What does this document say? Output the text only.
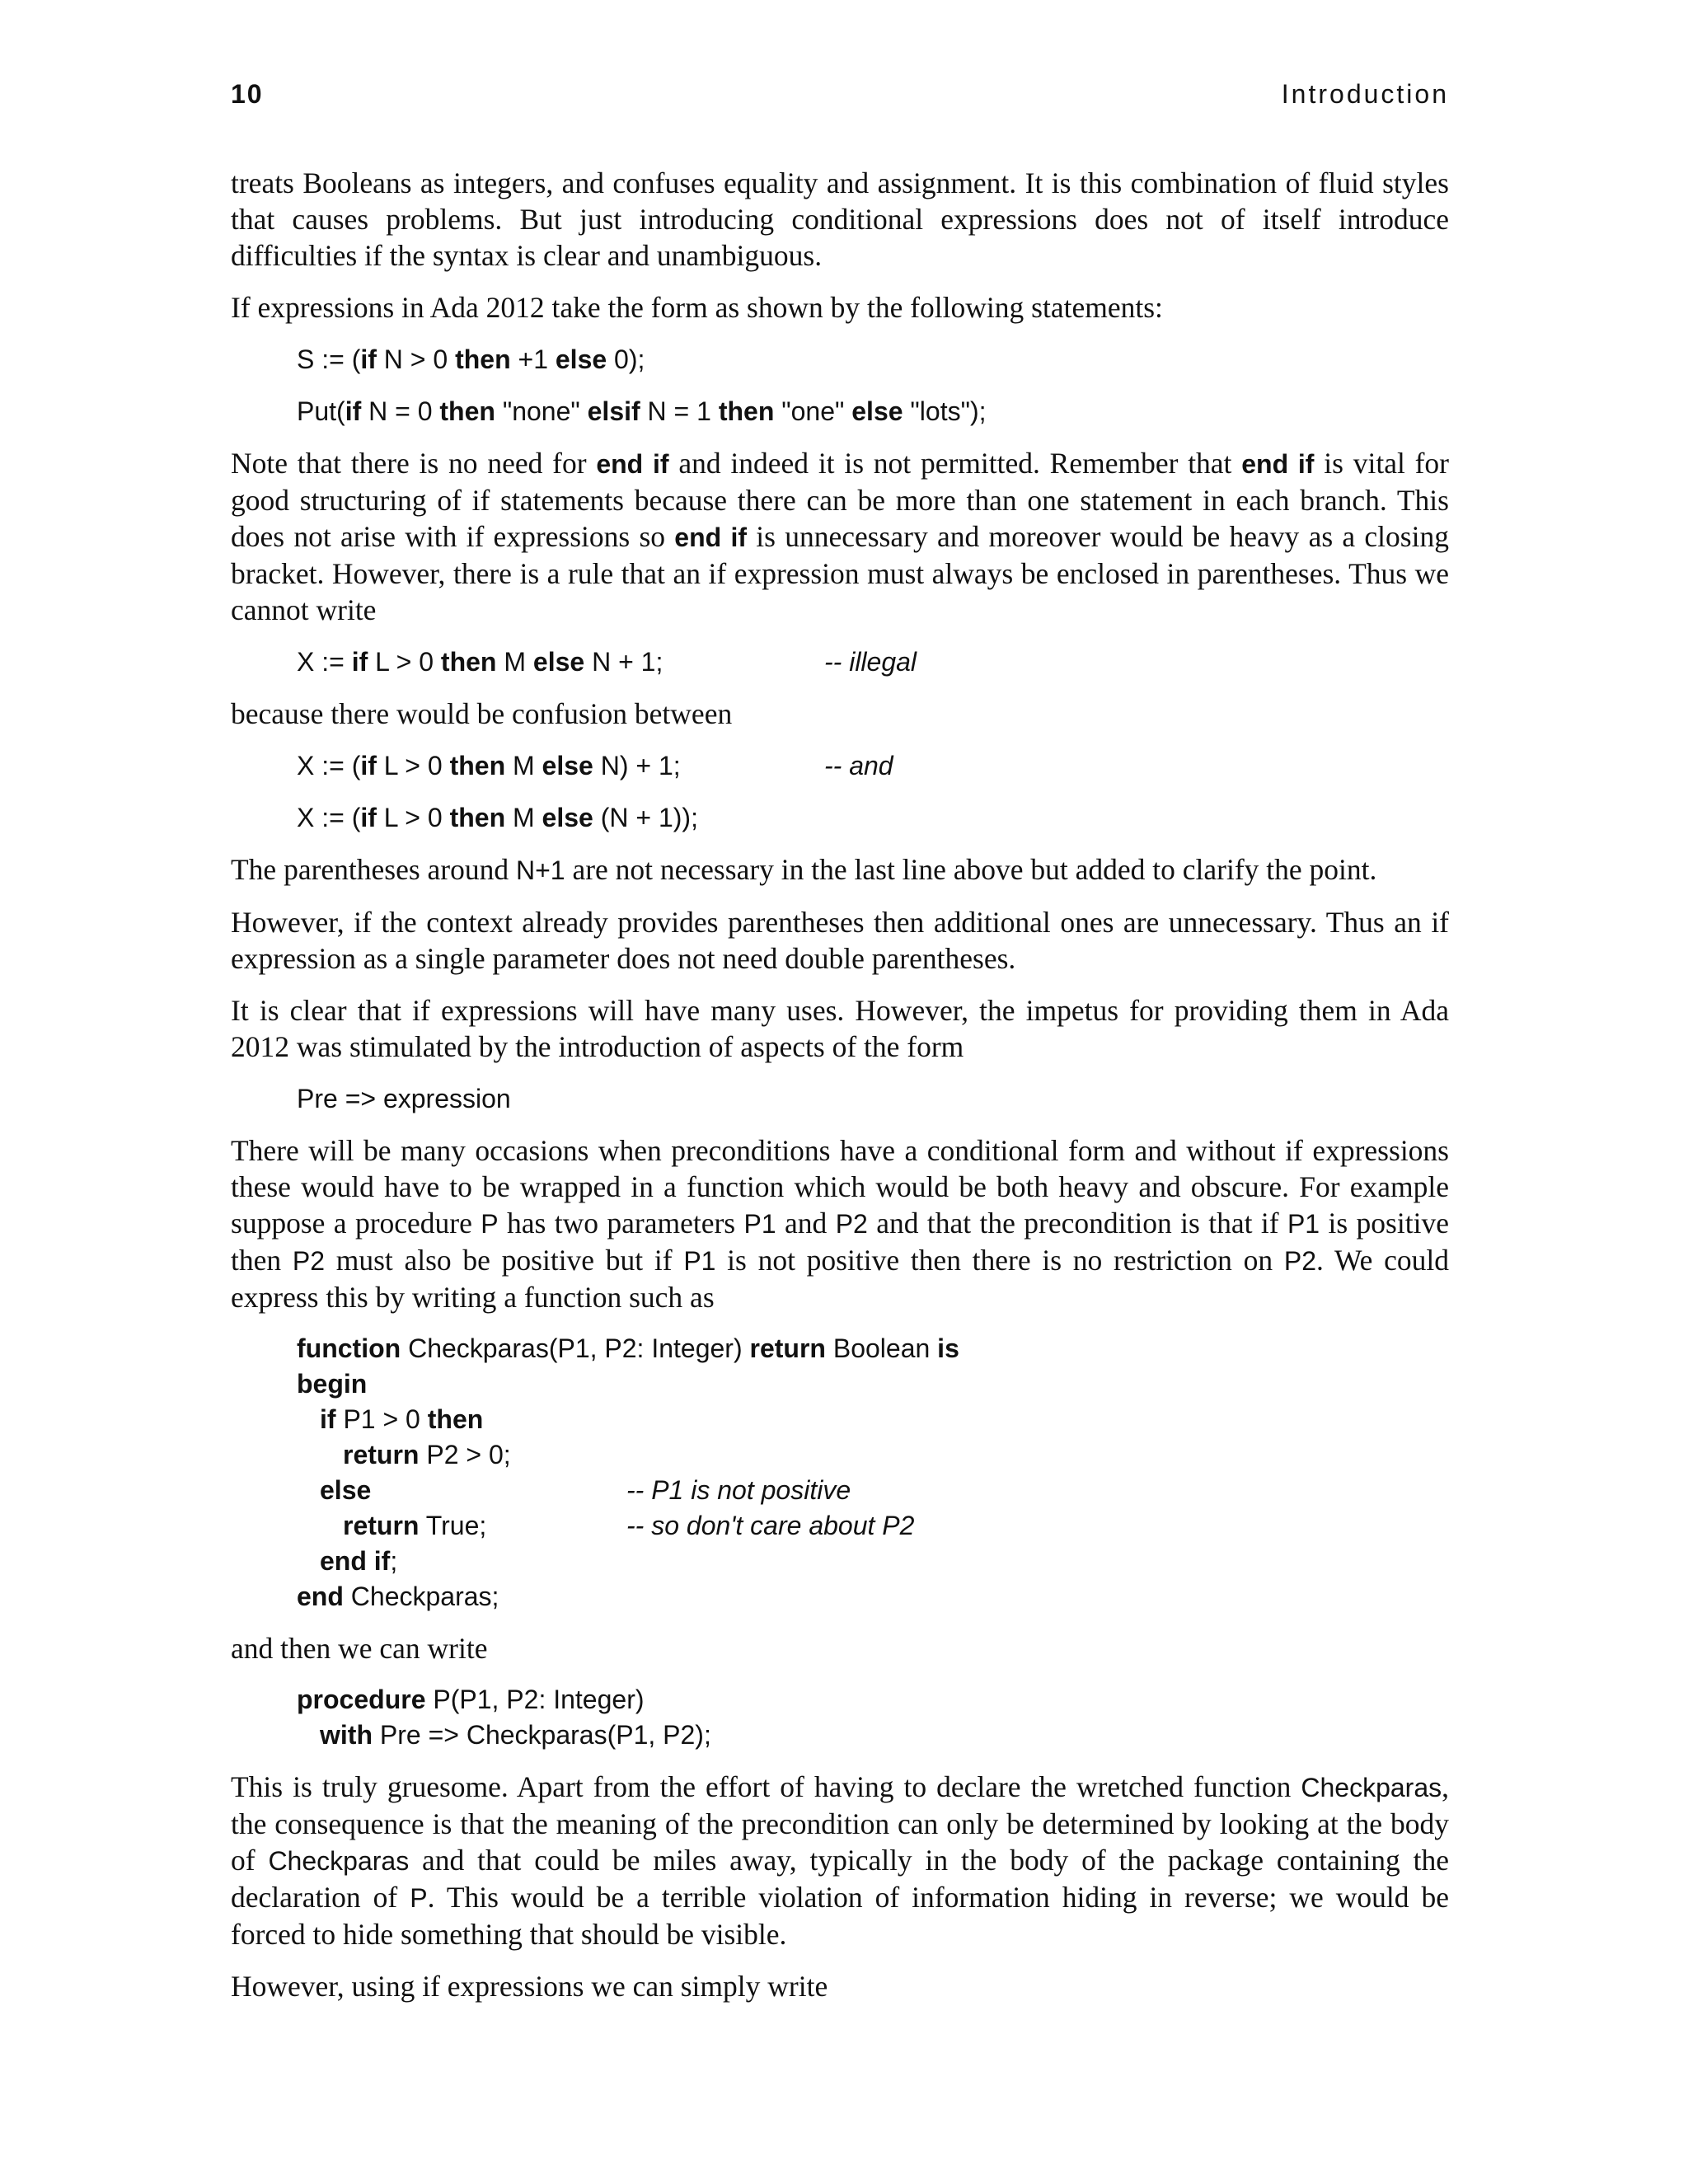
10	Introduction

treats Booleans as integers, and confuses equality and assignment. It is this combination of fluid styles that causes problems. But just introducing conditional expressions does not of itself introduce difficulties if the syntax is clear and unambiguous.

If expressions in Ada 2012 take the form as shown by the following statements:

S := (if N > 0 then +1 else 0);
Put(if N = 0 then "none" elsif N = 1 then "one" else "lots");

Note that there is no need for end if and indeed it is not permitted. Remember that end if is vital for good structuring of if statements because there can be more than one statement in each branch. This does not arise with if expressions so end if is unnecessary and moreover would be heavy as a closing bracket. However, there is a rule that an if expression must always be enclosed in parentheses. Thus we cannot write

X := if L > 0 then M else N + 1;	-- illegal

because there would be confusion between

X := (if L > 0 then M else N) + 1;	-- and
X := (if L > 0 then M else (N + 1));

The parentheses around N+1 are not necessary in the last line above but added to clarify the point.

However, if the context already provides parentheses then additional ones are unnecessary. Thus an if expression as a single parameter does not need double parentheses.

It is clear that if expressions will have many uses. However, the impetus for providing them in Ada 2012 was stimulated by the introduction of aspects of the form

Pre => expression

There will be many occasions when preconditions have a conditional form and without if expressions these would have to be wrapped in a function which would be both heavy and obscure. For example suppose a procedure P has two parameters P1 and P2 and that the precondition is that if P1 is positive then P2 must also be positive but if P1 is not positive then there is no restriction on P2. We could express this by writing a function such as

function Checkparas(P1, P2: Integer) return Boolean is
begin
if P1 > 0 then
return P2 > 0;
else	-- P1 is not positive
return True;	-- so don't care about P2
end if;
end Checkparas;

and then we can write

procedure P(P1, P2: Integer)
with Pre => Checkparas(P1, P2);

This is truly gruesome. Apart from the effort of having to declare the wretched function Checkparas, the consequence is that the meaning of the precondition can only be determined by looking at the body of Checkparas and that could be miles away, typically in the body of the package containing the declaration of P. This would be a terrible violation of information hiding in reverse; we would be forced to hide something that should be visible.

However, using if expressions we can simply write
